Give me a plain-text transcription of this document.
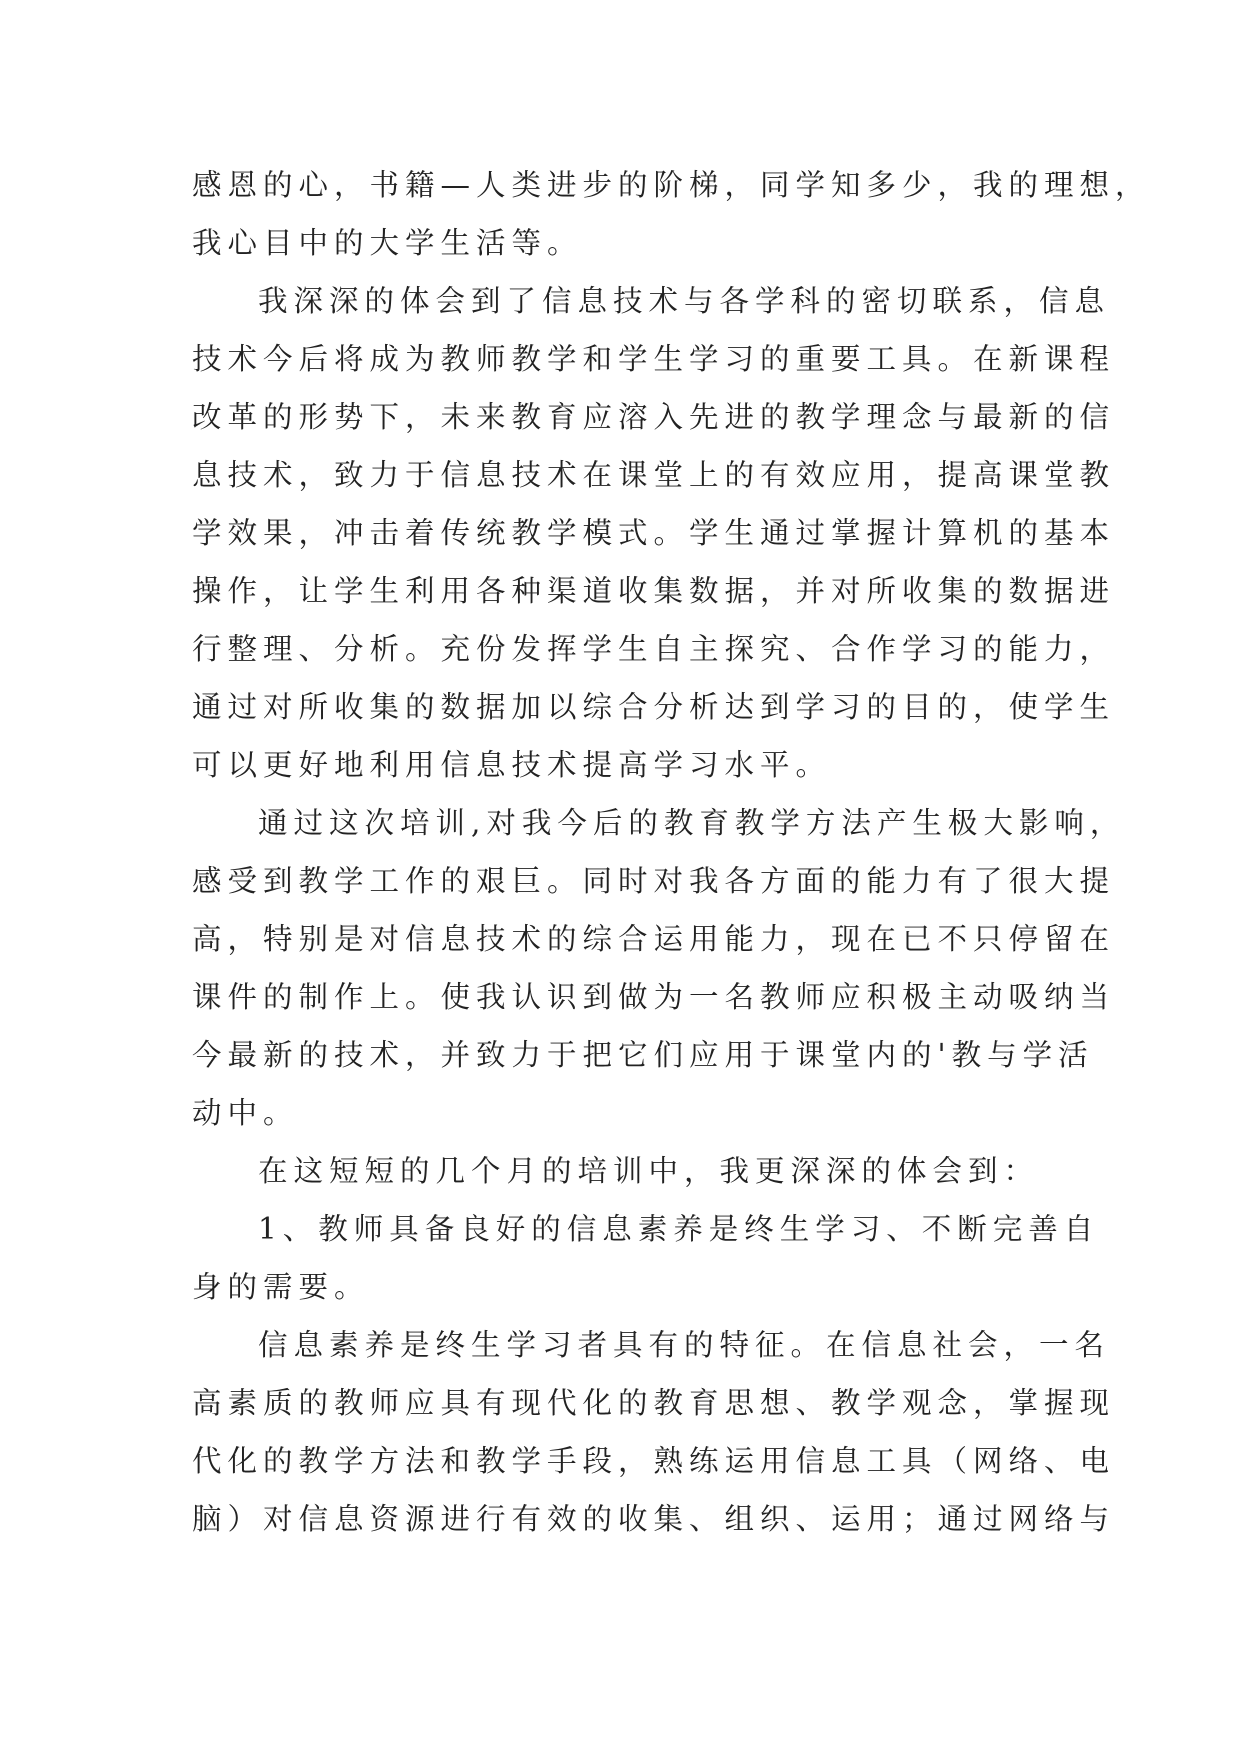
感恩的心，书籍—人类进步的阶梯，同学知多少，我的理想，
我心目中的大学生活等。
我深深的体会到了信息技术与各学科的密切联系，信息
技术今后将成为教师教学和学生学习的重要工具。在新课程
改革的形势下，未来教育应溶入先进的教学理念与最新的信
息技术，致力于信息技术在课堂上的有效应用，提高课堂教
学效果，冲击着传统教学模式。学生通过掌握计算机的基本
操作，让学生利用各种渠道收集数据，并对所收集的数据进
行整理、分析。充份发挥学生自主探究、合作学习的能力，
通过对所收集的数据加以综合分析达到学习的目的，使学生
可以更好地利用信息技术提高学习水平。
通过这次培训,对我今后的教育教学方法产生极大影响，
感受到教学工作的艰巨。同时对我各方面的能力有了很大提
高，特别是对信息技术的综合运用能力，现在已不只停留在
课件的制作上。使我认识到做为一名教师应积极主动吸纳当
今最新的技术，并致力于把它们应用于课堂内的'教与学活
动中。
在这短短的几个月的培训中，我更深深的体会到：
1、教师具备良好的信息素养是终生学习、不断完善自
身的需要。
信息素养是终生学习者具有的特征。在信息社会，一名
高素质的教师应具有现代化的教育思想、教学观念，掌握现
代化的教学方法和教学手段，熟练运用信息工具（网络、电
脑）对信息资源进行有效的收集、组织、运用；通过网络与
